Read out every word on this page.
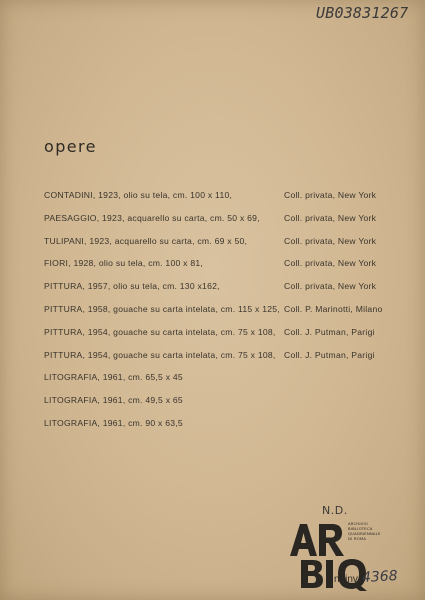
UB03831267
opere
CONTADINI, 1923, olio su tela, cm. 100 x 110,	Coll. privata, New York
PAESAGGIO, 1923, acquarello su carta, cm. 50 x 69,	Coll. privata, New York
TULIPANI, 1923, acquarello su carta, cm. 69 x 50,	Coll. privata, New York
FIORI, 1928, olio su tela, cm. 100 x 81,	Coll. privata, New York
PITTURA, 1957, olio su tela, cm. 130 x162,	Coll. privata, New York
PITTURA, 1958, gouache su carta intelata, cm. 115 x 125, Coll. P. Marinotti, Milano
PITTURA, 1954, gouache su carta intelata, cm. 75 x 108, Coll. J. Putman, Parigi
PITTURA, 1954, gouache su carta intelata, cm. 75 x 108, Coll. J. Putman, Parigi
LITOGRAFIA, 1961, cm. 65,5 x 45
LITOGRAFIA, 1961, cm. 49,5 x 65
LITOGRAFIA, 1961, cm. 90 x 63,5
N.D.
ARCHIVIO
BIBLIOTECA
QUADRIENNALE
DI ROMA
n. inv. 4368
